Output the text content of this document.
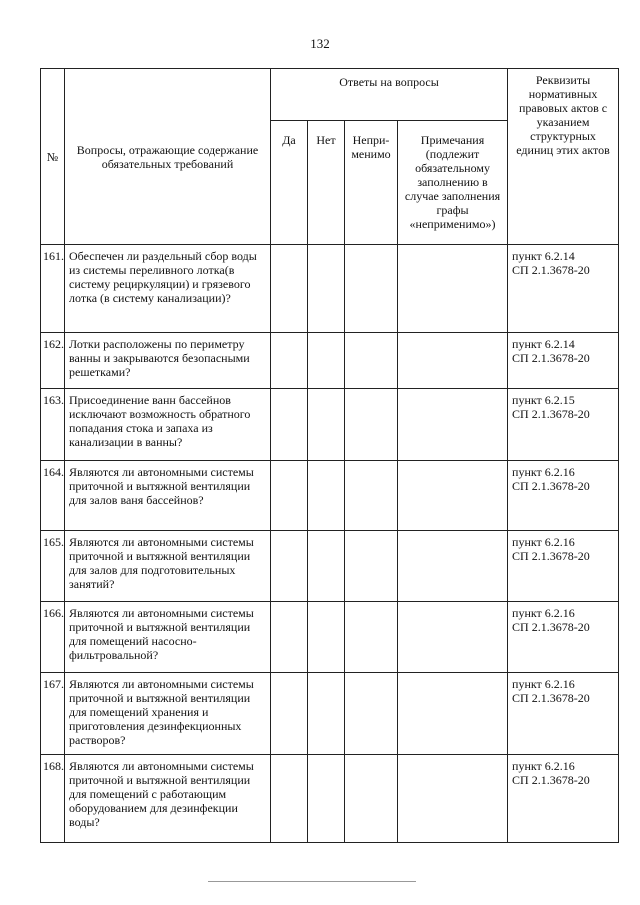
132
№	Вопросы, отражающие содержание обязательных требований	Ответы на вопросы				Реквизиты нормативных правовых актов с указанием структурных единиц этих актов
		Да	Нет	Непри-
менимо	Примечания (подлежит обязательному заполнению в случае заполнения графы «неприменимо»)	
161.	Обеспечен ли раздельный сбор воды из системы переливного лотка(в систему рециркуляции) и грязевого лотка (в систему канализации)?					пункт 6.2.14
СП 2.1.3678-20

162.	Лотки расположены по периметру ванны и закрываются безопасными решетками?					пункт 6.2.14
СП 2.1.3678-20

163.	Присоединение ванн бассейнов исключают возможность обратного попадания стока и запаха из канализации в ванны?					пункт 6.2.15
СП 2.1.3678-20

164.	Являются ли автономными системы приточной и вытяжной вентиляции для залов ваня бассейнов?					пункт 6.2.16
СП 2.1.3678-20

165.	Являются ли автономными системы приточной и вытяжной вентиляции для залов для подготовительных занятий?					пункт 6.2.16
СП 2.1.3678-20

166.	Являются ли автономными системы приточной и вытяжной вентиляции для помещений насосно-фильтровальной?					пункт 6.2.16
СП 2.1.3678-20

167.	Являются ли автономными системы приточной и вытяжной вентиляции для помещений хранения и приготовления дезинфекционных растворов?					пункт 6.2.16
СП 2.1.3678-20

168.	Являются ли автономными системы приточной и вытяжной вентиляции для помещений с работающим оборудованием для дезинфекции воды?					пункт 6.2.16
СП 2.1.3678-20
